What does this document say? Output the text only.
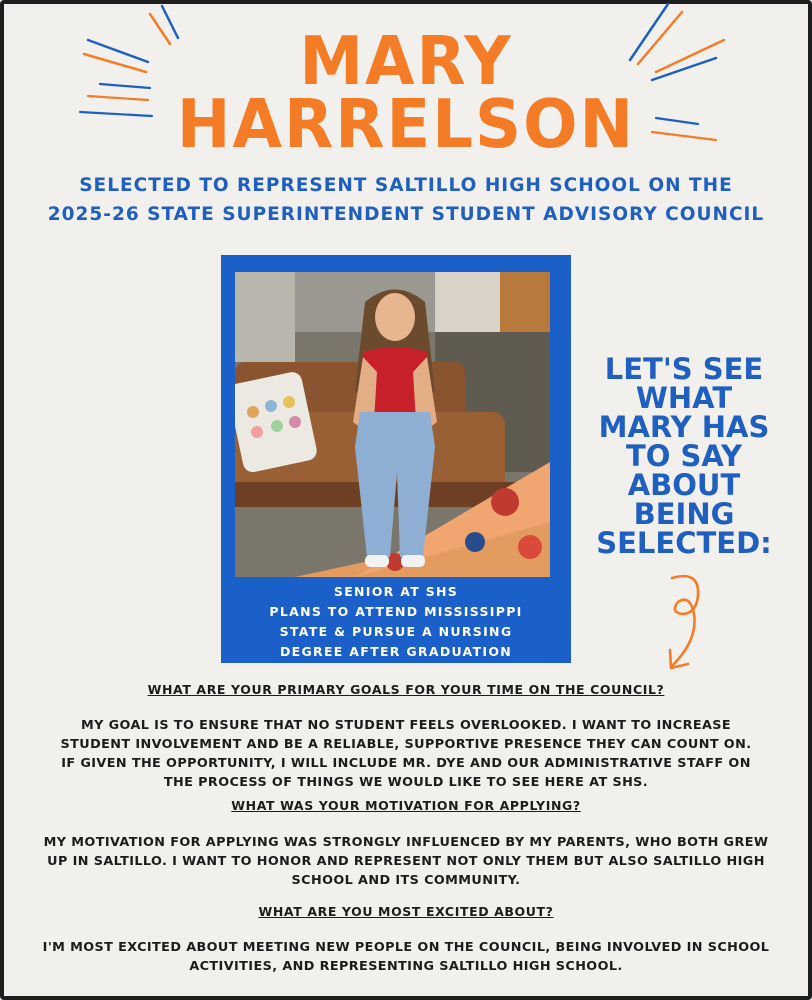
MARY
HARRELSON
SELECTED TO REPRESENT SALTILLO HIGH SCHOOL ON THE
2025-26 STATE SUPERINTENDENT STUDENT ADVISORY COUNCIL
SENIOR AT SHS
PLANS TO ATTEND MISSISSIPPI
STATE & PURSUE A NURSING
DEGREE AFTER GRADUATION
LET'S SEE
WHAT
MARY HAS
TO SAY
ABOUT
BEING
SELECTED:
WHAT ARE YOUR PRIMARY GOALS FOR YOUR TIME ON THE COUNCIL?
MY GOAL IS TO ENSURE THAT NO STUDENT FEELS OVERLOOKED. I WANT TO INCREASE
STUDENT INVOLVEMENT AND BE A RELIABLE, SUPPORTIVE PRESENCE THEY CAN COUNT ON.
IF GIVEN THE OPPORTUNITY, I WILL INCLUDE MR. DYE AND OUR ADMINISTRATIVE STAFF ON
THE PROCESS OF THINGS WE WOULD LIKE TO SEE HERE AT SHS.
WHAT WAS YOUR MOTIVATION FOR APPLYING?
MY MOTIVATION FOR APPLYING WAS STRONGLY INFLUENCED BY MY PARENTS, WHO BOTH GREW
UP IN SALTILLO. I WANT TO HONOR AND REPRESENT NOT ONLY THEM BUT ALSO SALTILLO HIGH
SCHOOL AND ITS COMMUNITY.
WHAT ARE YOU MOST EXCITED ABOUT?
I'M MOST EXCITED ABOUT MEETING NEW PEOPLE ON THE COUNCIL, BEING INVOLVED IN SCHOOL
ACTIVITIES, AND REPRESENTING SALTILLO HIGH SCHOOL.
